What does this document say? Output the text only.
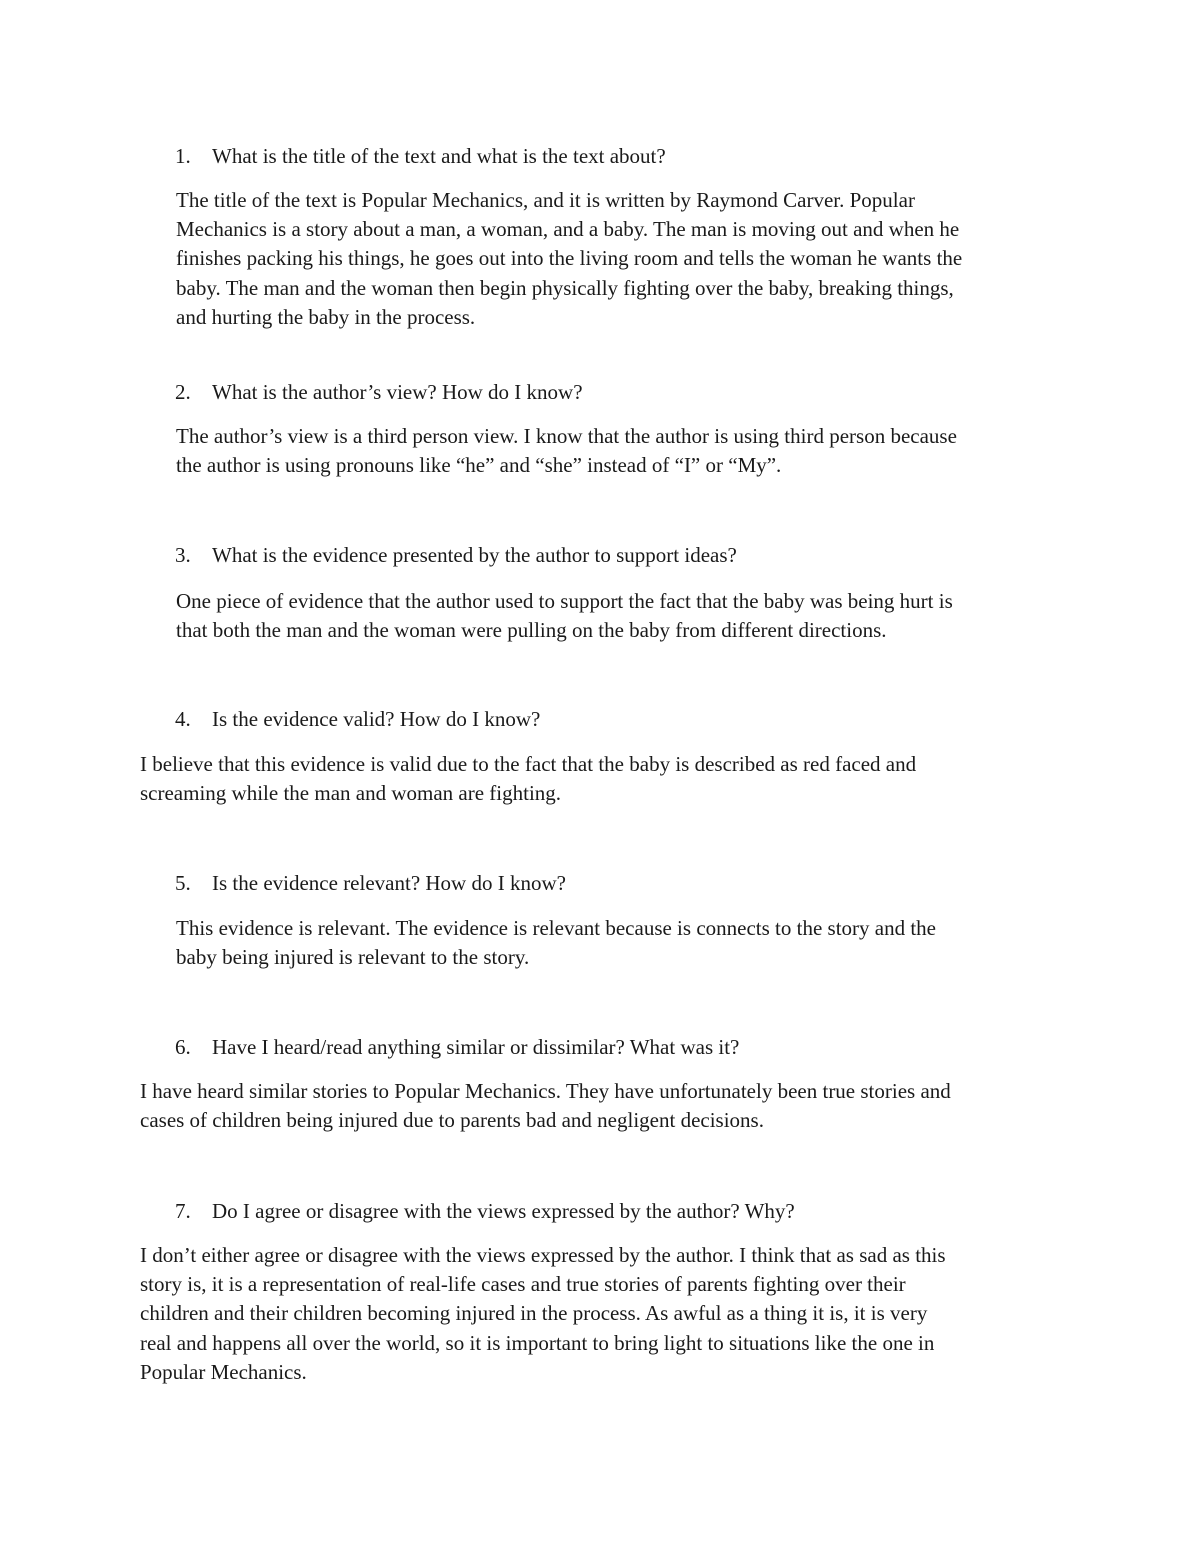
1. What is the title of the text and what is the text about?

The title of the text is Popular Mechanics, and it is written by Raymond Carver. Popular
Mechanics is a story about a man, a woman, and a baby. The man is moving out and when he
finishes packing his things, he goes out into the living room and tells the woman he wants the
baby. The man and the woman then begin physically fighting over the baby, breaking things,
and hurting the baby in the process.

2. What is the author’s view? How do I know?

The author’s view is a third person view. I know that the author is using third person because
the author is using pronouns like “he” and “she” instead of “I” or “My”.

3. What is the evidence presented by the author to support ideas?

One piece of evidence that the author used to support the fact that the baby was being hurt is
that both the man and the woman were pulling on the baby from different directions.

4. Is the evidence valid? How do I know?

I believe that this evidence is valid due to the fact that the baby is described as red faced and
screaming while the man and woman are fighting.

5. Is the evidence relevant? How do I know?

This evidence is relevant. The evidence is relevant because is connects to the story and the
baby being injured is relevant to the story.

6. Have I heard/read anything similar or dissimilar? What was it?

I have heard similar stories to Popular Mechanics. They have unfortunately been true stories and
cases of children being injured due to parents bad and negligent decisions.

7. Do I agree or disagree with the views expressed by the author? Why?

I don’t either agree or disagree with the views expressed by the author. I think that as sad as this
story is, it is a representation of real-life cases and true stories of parents fighting over their
children and their children becoming injured in the process. As awful as a thing it is, it is very
real and happens all over the world, so it is important to bring light to situations like the one in
Popular Mechanics.
